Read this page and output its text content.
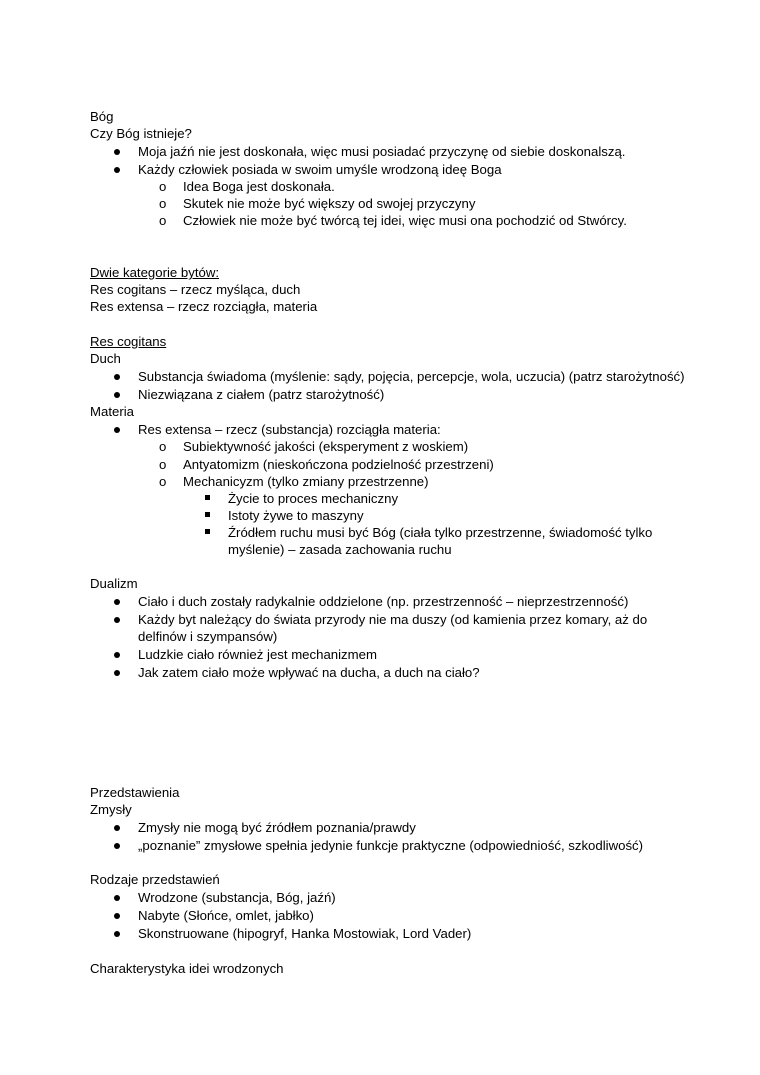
Bóg
Czy Bóg istnieje?
Moja jaźń nie jest doskonała, więc musi posiadać przyczynę od siebie doskonalszą.
Każdy człowiek posiada w swoim umyśle wrodzoną ideę Boga
o Idea Boga jest doskonała.
o Skutek nie może być większy od swojej przyczyny
o Człowiek nie może być twórcą tej idei, więc musi ona pochodzić od Stwórcy.
Dwie kategorie bytów:
Res cogitans – rzecz myśląca, duch
Res extensa – rzecz rozciągła, materia
Res cogitans
Duch
Substancja świadoma (myślenie: sądy, pojęcia, percepcje, wola, uczucia) (patrz starożytność)
Niezwiązana z ciałem (patrz starożytność)
Materia
Res extensa – rzecz (substancja) rozciągła materia:
o Subiektywność jakości (eksperyment z woskiem)
o Antyatomizm (nieskończona podzielność przestrzeni)
o Mechanicyzm (tylko zmiany przestrzenne)
Życie to proces mechaniczny
Istoty żywe to maszyny
Źródłem ruchu musi być Bóg (ciała tylko przestrzenne, świadomość tylko
myślenie) – zasada zachowania ruchu
Dualizm
Ciało i duch zostały radykalnie oddzielone (np. przestrzenność – nieprzestrzenność)
Każdy byt należący do świata przyrody nie ma duszy (od kamienia przez komary, aż do
delfinów i szympansów)
Ludzkie ciało również jest mechanizmem
Jak zatem ciało może wpływać na ducha, a duch na ciało?
Przedstawienia
Zmysły
Zmysły nie mogą być źródłem poznania/prawdy
„poznanie” zmysłowe spełnia jedynie funkcje praktyczne (odpowiedniość, szkodliwość)
Rodzaje przedstawień
Wrodzone (substancja, Bóg, jaźń)
Nabyte (Słońce, omlet, jabłko)
Skonstruowane (hipogryf, Hanka Mostowiak, Lord Vader)
Charakterystyka idei wrodzonych
